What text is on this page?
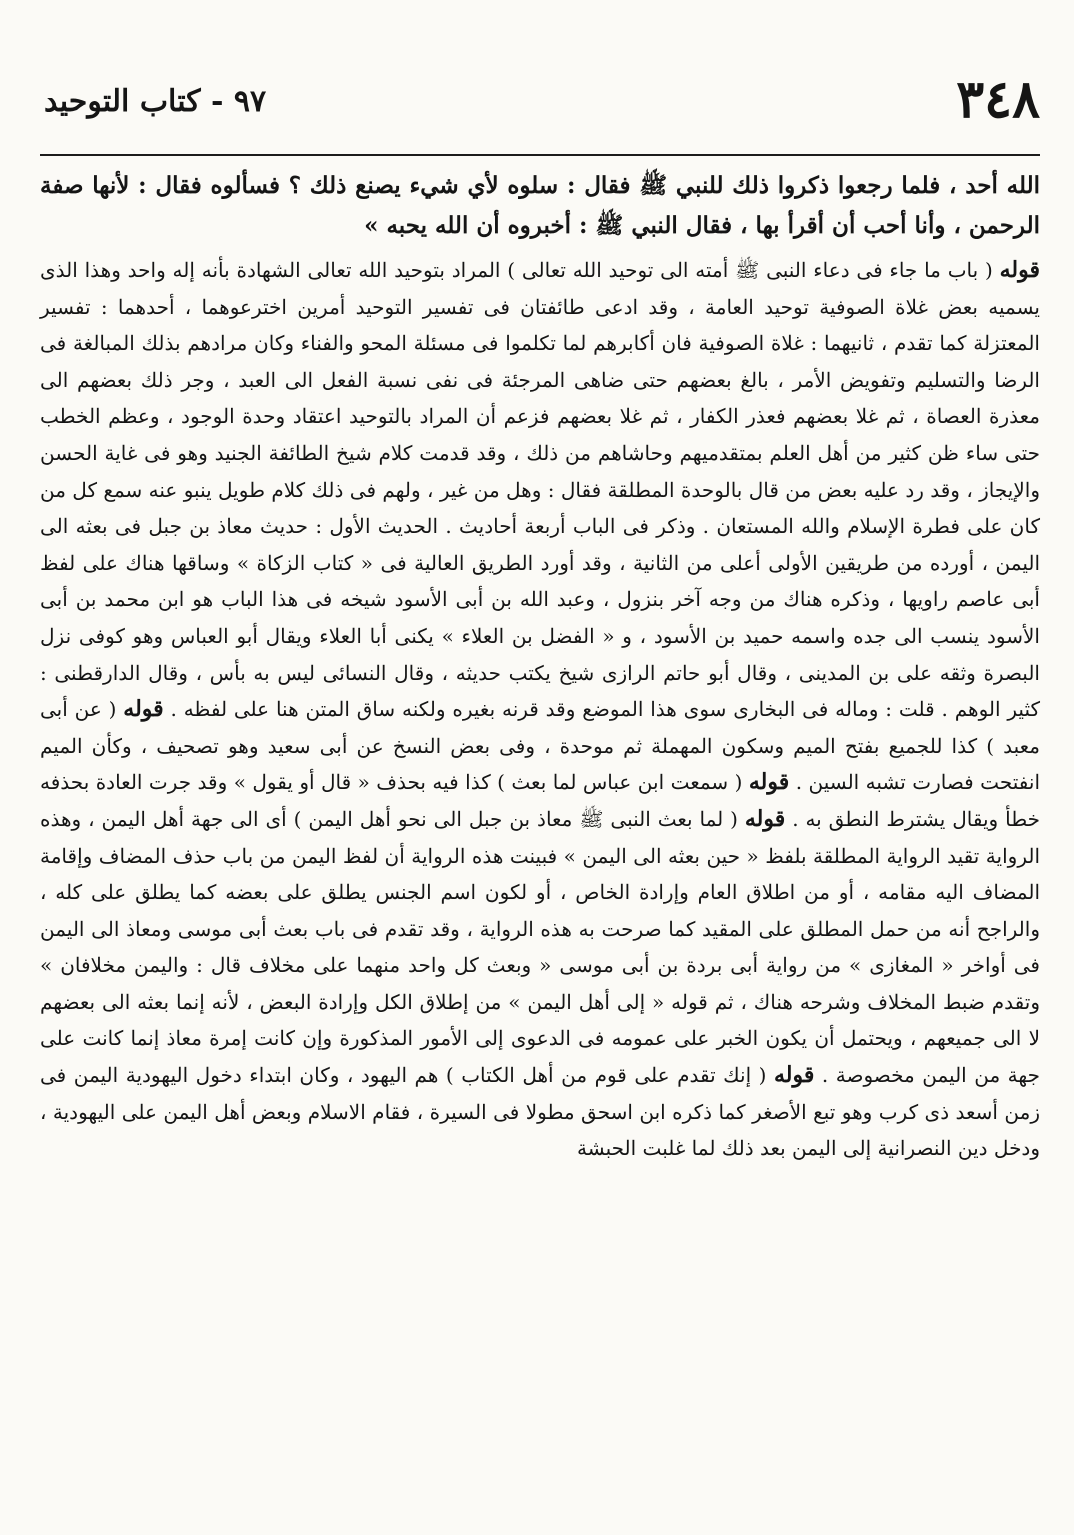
٣٤٨
٩٧ - كتاب التوحيد
الله أحد ، فلما رجعوا ذكروا ذلك للنبي ﷺ فقال : سلوه لأي شيء يصنع ذلك ؟ فسألوه فقال : لأنها صفة الرحمن ، وأنا أحب أن أقرأ بها ، فقال النبي ﷺ : أخبروه أن الله يحبه »

قوله ( باب ما جاء فى دعاء النبى ﷺ أمته الى توحيد الله تعالى ) المراد بتوحيد الله تعالى الشهادة بأنه إله واحد وهذا الذى يسميه بعض غلاة الصوفية توحيد العامة ، وقد ادعى طائفتان فى تفسير التوحيد أمرين اخترعوهما ، أحدهما : تفسير المعتزلة كما تقدم ، ثانيهما : غلاة الصوفية فان أكابرهم لما تكلموا فى مسئلة المحو والفناء وكان مرادهم بذلك المبالغة فى الرضا والتسليم وتفويض الأمر ، بالغ بعضهم حتى ضاهى المرجئة فى نفى نسبة الفعل الى العبد ، وجر ذلك بعضهم الى معذرة العصاة ، ثم غلا بعضهم فعذر الكفار ، ثم غلا بعضهم فزعم أن المراد بالتوحيد اعتقاد وحدة الوجود ، وعظم الخطب حتى ساء ظن كثير من أهل العلم بمتقدميهم وحاشاهم من ذلك ، وقد قدمت كلام شيخ الطائفة الجنيد وهو فى غاية الحسن والإيجاز ، وقد رد عليه بعض من قال بالوحدة المطلقة فقال : وهل من غير ، ولهم فى ذلك كلام طويل ينبو عنه سمع كل من كان على فطرة الإسلام والله المستعان . وذكر فى الباب أربعة أحاديث . الحديث الأول : حديث معاذ بن جبل فى بعثه الى اليمن ، أورده من طريقين الأولى أعلى من الثانية ، وقد أورد الطريق العالية فى « كتاب الزكاة » وساقها هناك على لفظ أبى عاصم راويها ، وذكره هناك من وجه آخر بنزول ، وعبد الله بن أبى الأسود شيخه فى هذا الباب هو ابن محمد بن أبى الأسود ينسب الى جده واسمه حميد بن الأسود ، و « الفضل بن العلاء » يكنى أبا العلاء ويقال أبو العباس وهو كوفى نزل البصرة وثقه على بن المدينى ، وقال أبو حاتم الرازى شيخ يكتب حديثه ، وقال النسائى ليس به بأس ، وقال الدارقطنى : كثير الوهم . قلت : وماله فى البخارى سوى هذا الموضع وقد قرنه بغيره ولكنه ساق المتن هنا على لفظه . قوله ( عن أبى معبد ) كذا للجميع بفتح الميم وسكون المهملة ثم موحدة ، وفى بعض النسخ عن أبى سعيد وهو تصحيف ، وكأن الميم انفتحت فصارت تشبه السين . قوله ( سمعت ابن عباس لما بعث ) كذا فيه بحذف « قال أو يقول » وقد جرت العادة بحذفه خطأ ويقال يشترط النطق به . قوله ( لما بعث النبى ﷺ معاذ بن جبل الى نحو أهل اليمن ) أى الى جهة أهل اليمن ، وهذه الرواية تقيد الرواية المطلقة بلفظ « حين بعثه الى اليمن » فبينت هذه الرواية أن لفظ اليمن من باب حذف المضاف وإقامة المضاف اليه مقامه ، أو من اطلاق العام وإرادة الخاص ، أو لكون اسم الجنس يطلق على بعضه كما يطلق على كله ، والراجح أنه من حمل المطلق على المقيد كما صرحت به هذه الرواية ، وقد تقدم فى باب بعث أبى موسى ومعاذ الى اليمن فى أواخر « المغازى » من رواية أبى بردة بن أبى موسى « وبعث كل واحد منهما على مخلاف قال : واليمن مخلافان » وتقدم ضبط المخلاف وشرحه هناك ، ثم قوله « إلى أهل اليمن » من إطلاق الكل وإرادة البعض ، لأنه إنما بعثه الى بعضهم لا الى جميعهم ، ويحتمل أن يكون الخبر على عمومه فى الدعوى إلى الأمور المذكورة وإن كانت إمرة معاذ إنما كانت على جهة من اليمن مخصوصة . قوله ( إنك تقدم على قوم من أهل الكتاب ) هم اليهود ، وكان ابتداء دخول اليهودية اليمن فى زمن أسعد ذى كرب وهو تبع الأصغر كما ذكره ابن اسحق مطولا فى السيرة ، فقام الاسلام وبعض أهل اليمن على اليهودية ، ودخل دين النصرانية إلى اليمن بعد ذلك لما غلبت الحبشة
